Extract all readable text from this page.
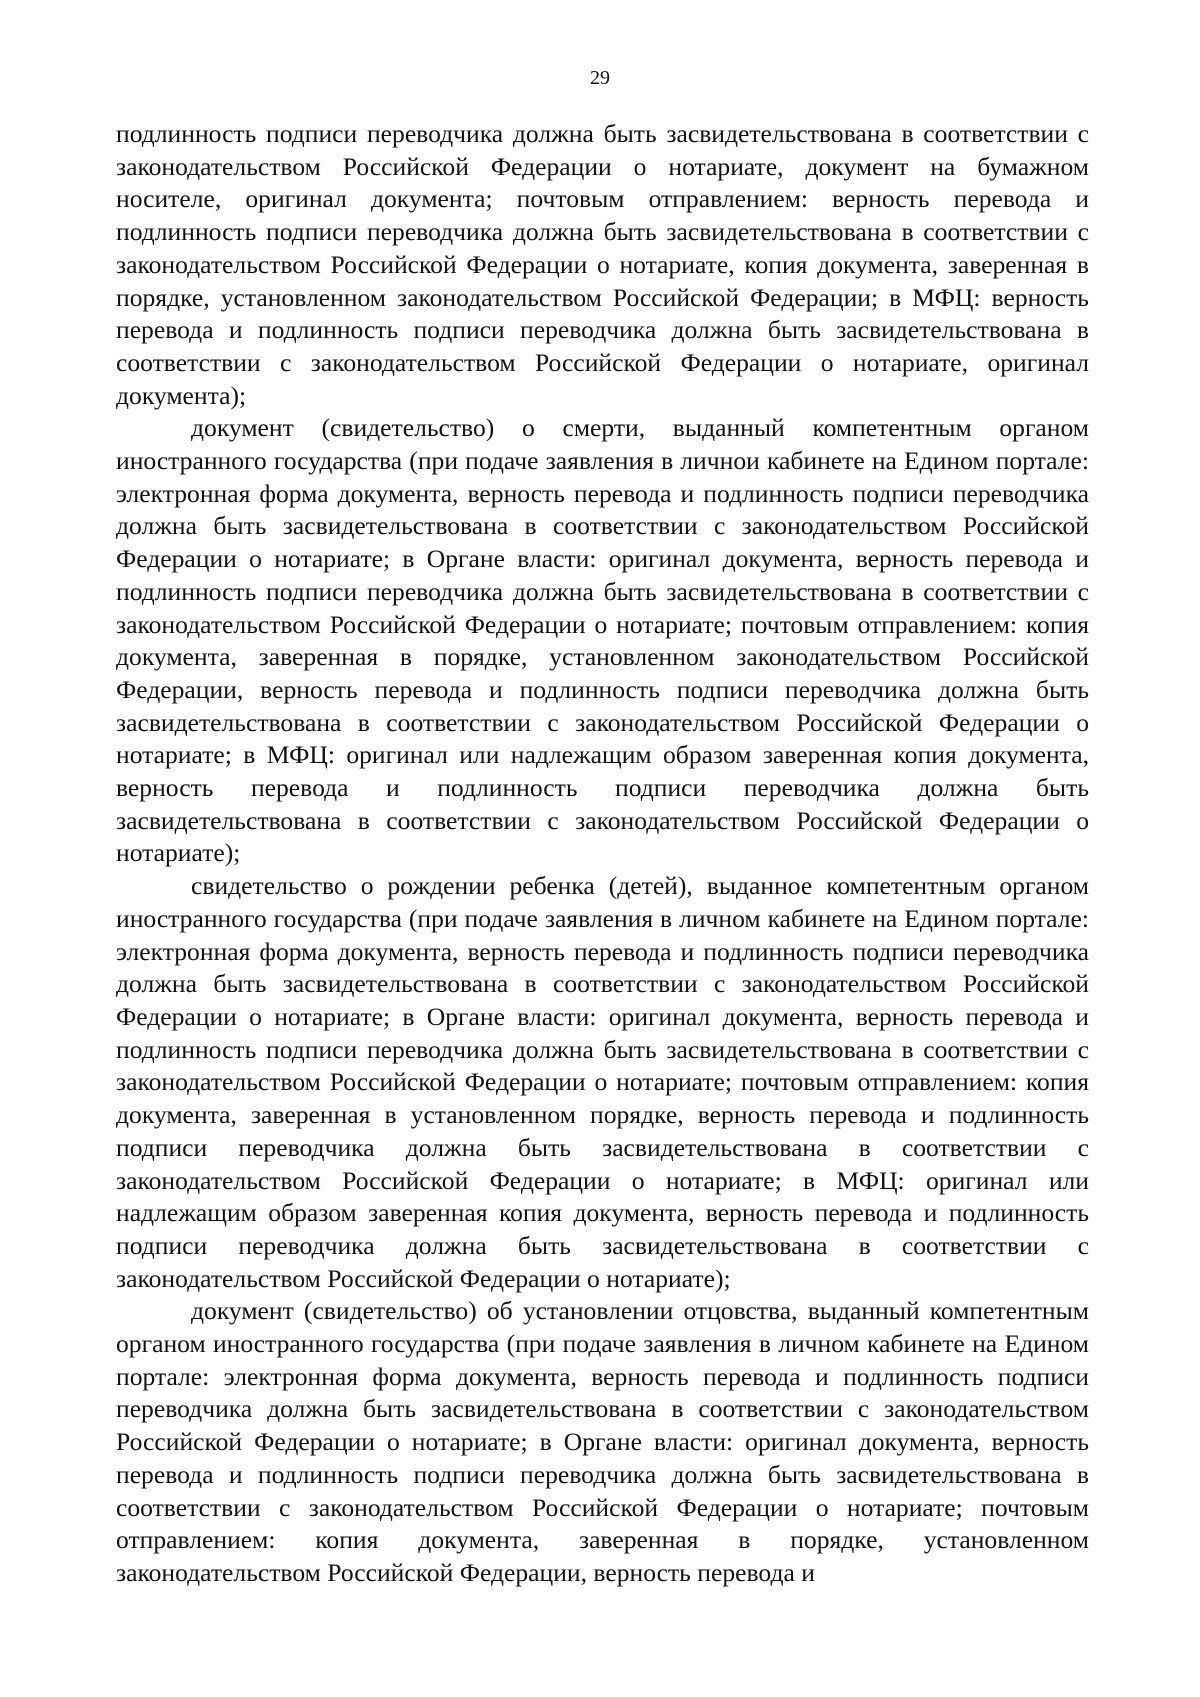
29

подлинность подписи переводчика должна быть засвидетельствована в соответствии с законодательством Российской Федерации о нотариате, документ на бумажном носителе, оригинал документа; почтовым отправлением: верность перевода и подлинность подписи переводчика должна быть засвидетельствована в соответствии с законодательством Российской Федерации о нотариате, копия документа, заверенная в порядке, установленном законодательством Российской Федерации; в МФЦ: верность перевода и подлинность подписи переводчика должна быть засвидетельствована в соответствии с законодательством Российской Федерации о нотариате, оригинал документа);

документ (свидетельство) о смерти, выданный компетентным органом иностранного государства (при подаче заявления в личнои кабинете на Едином портале: электронная форма документа, верность перевода и подлинность подписи переводчика должна быть засвидетельствована в соответствии с законодательством Российской Федерации о нотариате; в Органе власти: оригинал документа, верность перевода и подлинность подписи переводчика должна быть засвидетельствована в соответствии с законодательством Российской Федерации о нотариате; почтовым отправлением: копия документа, заверенная в порядке, установленном законодательством Российской Федерации, верность перевода и подлинность подписи переводчика должна быть засвидетельствована в соответствии с законодательством Российской Федерации о нотариате; в МФЦ: оригинал или надлежащим образом заверенная копия документа, верность перевода и подлинность подписи переводчика должна быть засвидетельствована в соответствии с законодательством Российской Федерации о нотариате);

свидетельство о рождении ребенка (детей), выданное компетентным органом иностранного государства (при подаче заявления в личном кабинете на Едином портале: электронная форма документа, верность перевода и подлинность подписи переводчика должна быть засвидетельствована в соответствии с законодательством Российской Федерации о нотариате; в Органе власти: оригинал документа, верность перевода и подлинность подписи переводчика должна быть засвидетельствована в соответствии с законодательством Российской Федерации о нотариате; почтовым отправлением: копия документа, заверенная в установленном порядке, верность перевода и подлинность подписи переводчика должна быть засвидетельствована в соответствии с законодательством Российской Федерации о нотариате; в МФЦ: оригинал или надлежащим образом заверенная копия документа, верность перевода и подлинность подписи переводчика должна быть засвидетельствована в соответствии с законодательством Российской Федерации о нотариате);

документ (свидетельство) об установлении отцовства, выданный компетентным органом иностранного государства (при подаче заявления в личном кабинете на Едином портале: электронная форма документа, верность перевода и подлинность подписи переводчика должна быть засвидетельствована в соответствии с законодательством Российской Федерации о нотариате; в Органе власти: оригинал документа, верность перевода и подлинность подписи переводчика должна быть засвидетельствована в соответствии с законодательством Российской Федерации о нотариате; почтовым отправлением: копия документа, заверенная в порядке, установленном законодательством Российской Федерации, верность перевода и
